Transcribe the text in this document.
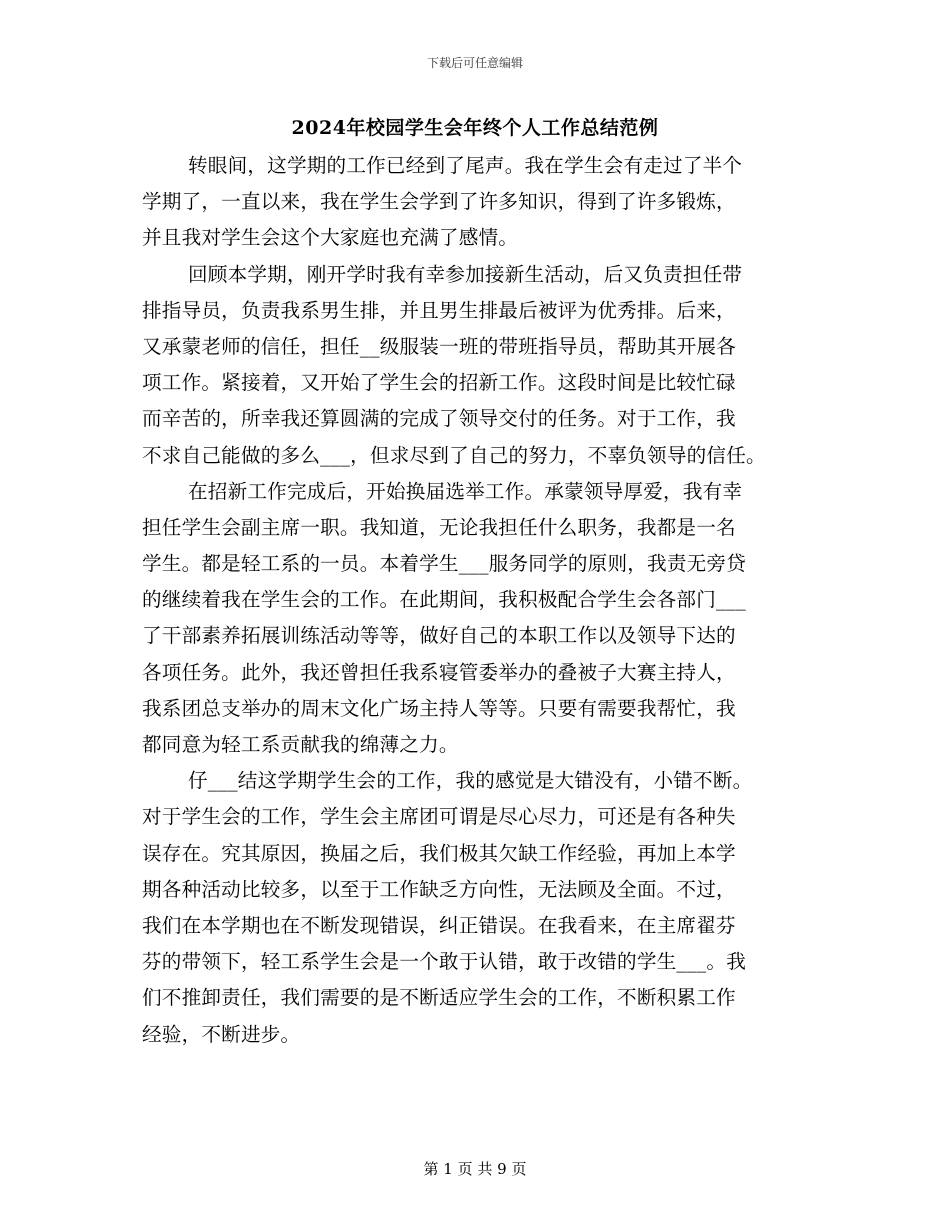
下载后可任意编辑
2024年校园学生会年终个人工作总结范例
转眼间，这学期的工作已经到了尾声。我在学生会有走过了半个
学期了，一直以来，我在学生会学到了许多知识，得到了许多锻炼，
并且我对学生会这个大家庭也充满了感情。
回顾本学期，刚开学时我有幸参加接新生活动，后又负责担任带
排指导员，负责我系男生排，并且男生排最后被评为优秀排。后来，
又承蒙老师的信任，担任__级服装一班的带班指导员，帮助其开展各
项工作。紧接着，又开始了学生会的招新工作。这段时间是比较忙碌
而辛苦的，所幸我还算圆满的完成了领导交付的任务。对于工作，我
不求自己能做的多么___，但求尽到了自己的努力，不辜负领导的信任。
在招新工作完成后，开始换届选举工作。承蒙领导厚爱，我有幸
担任学生会副主席一职。我知道，无论我担任什么职务，我都是一名
学生。都是轻工系的一员。本着学生___服务同学的原则，我责无旁贷
的继续着我在学生会的工作。在此期间，我积极配合学生会各部门___
了干部素养拓展训练活动等等，做好自己的本职工作以及领导下达的
各项任务。此外，我还曾担任我系寝管委举办的叠被子大赛主持人，
我系团总支举办的周末文化广场主持人等等。只要有需要我帮忙，我
都同意为轻工系贡献我的绵薄之力。
仔___结这学期学生会的工作，我的感觉是大错没有，小错不断。
对于学生会的工作，学生会主席团可谓是尽心尽力，可还是有各种失
误存在。究其原因，换届之后，我们极其欠缺工作经验，再加上本学
期各种活动比较多，以至于工作缺乏方向性，无法顾及全面。不过，
我们在本学期也在不断发现错误，纠正错误。在我看来，在主席翟芬
芬的带领下，轻工系学生会是一个敢于认错，敢于改错的学生___。我
们不推卸责任，我们需要的是不断适应学生会的工作，不断积累工作
经验，不断进步。
第 1 页 共 9 页
